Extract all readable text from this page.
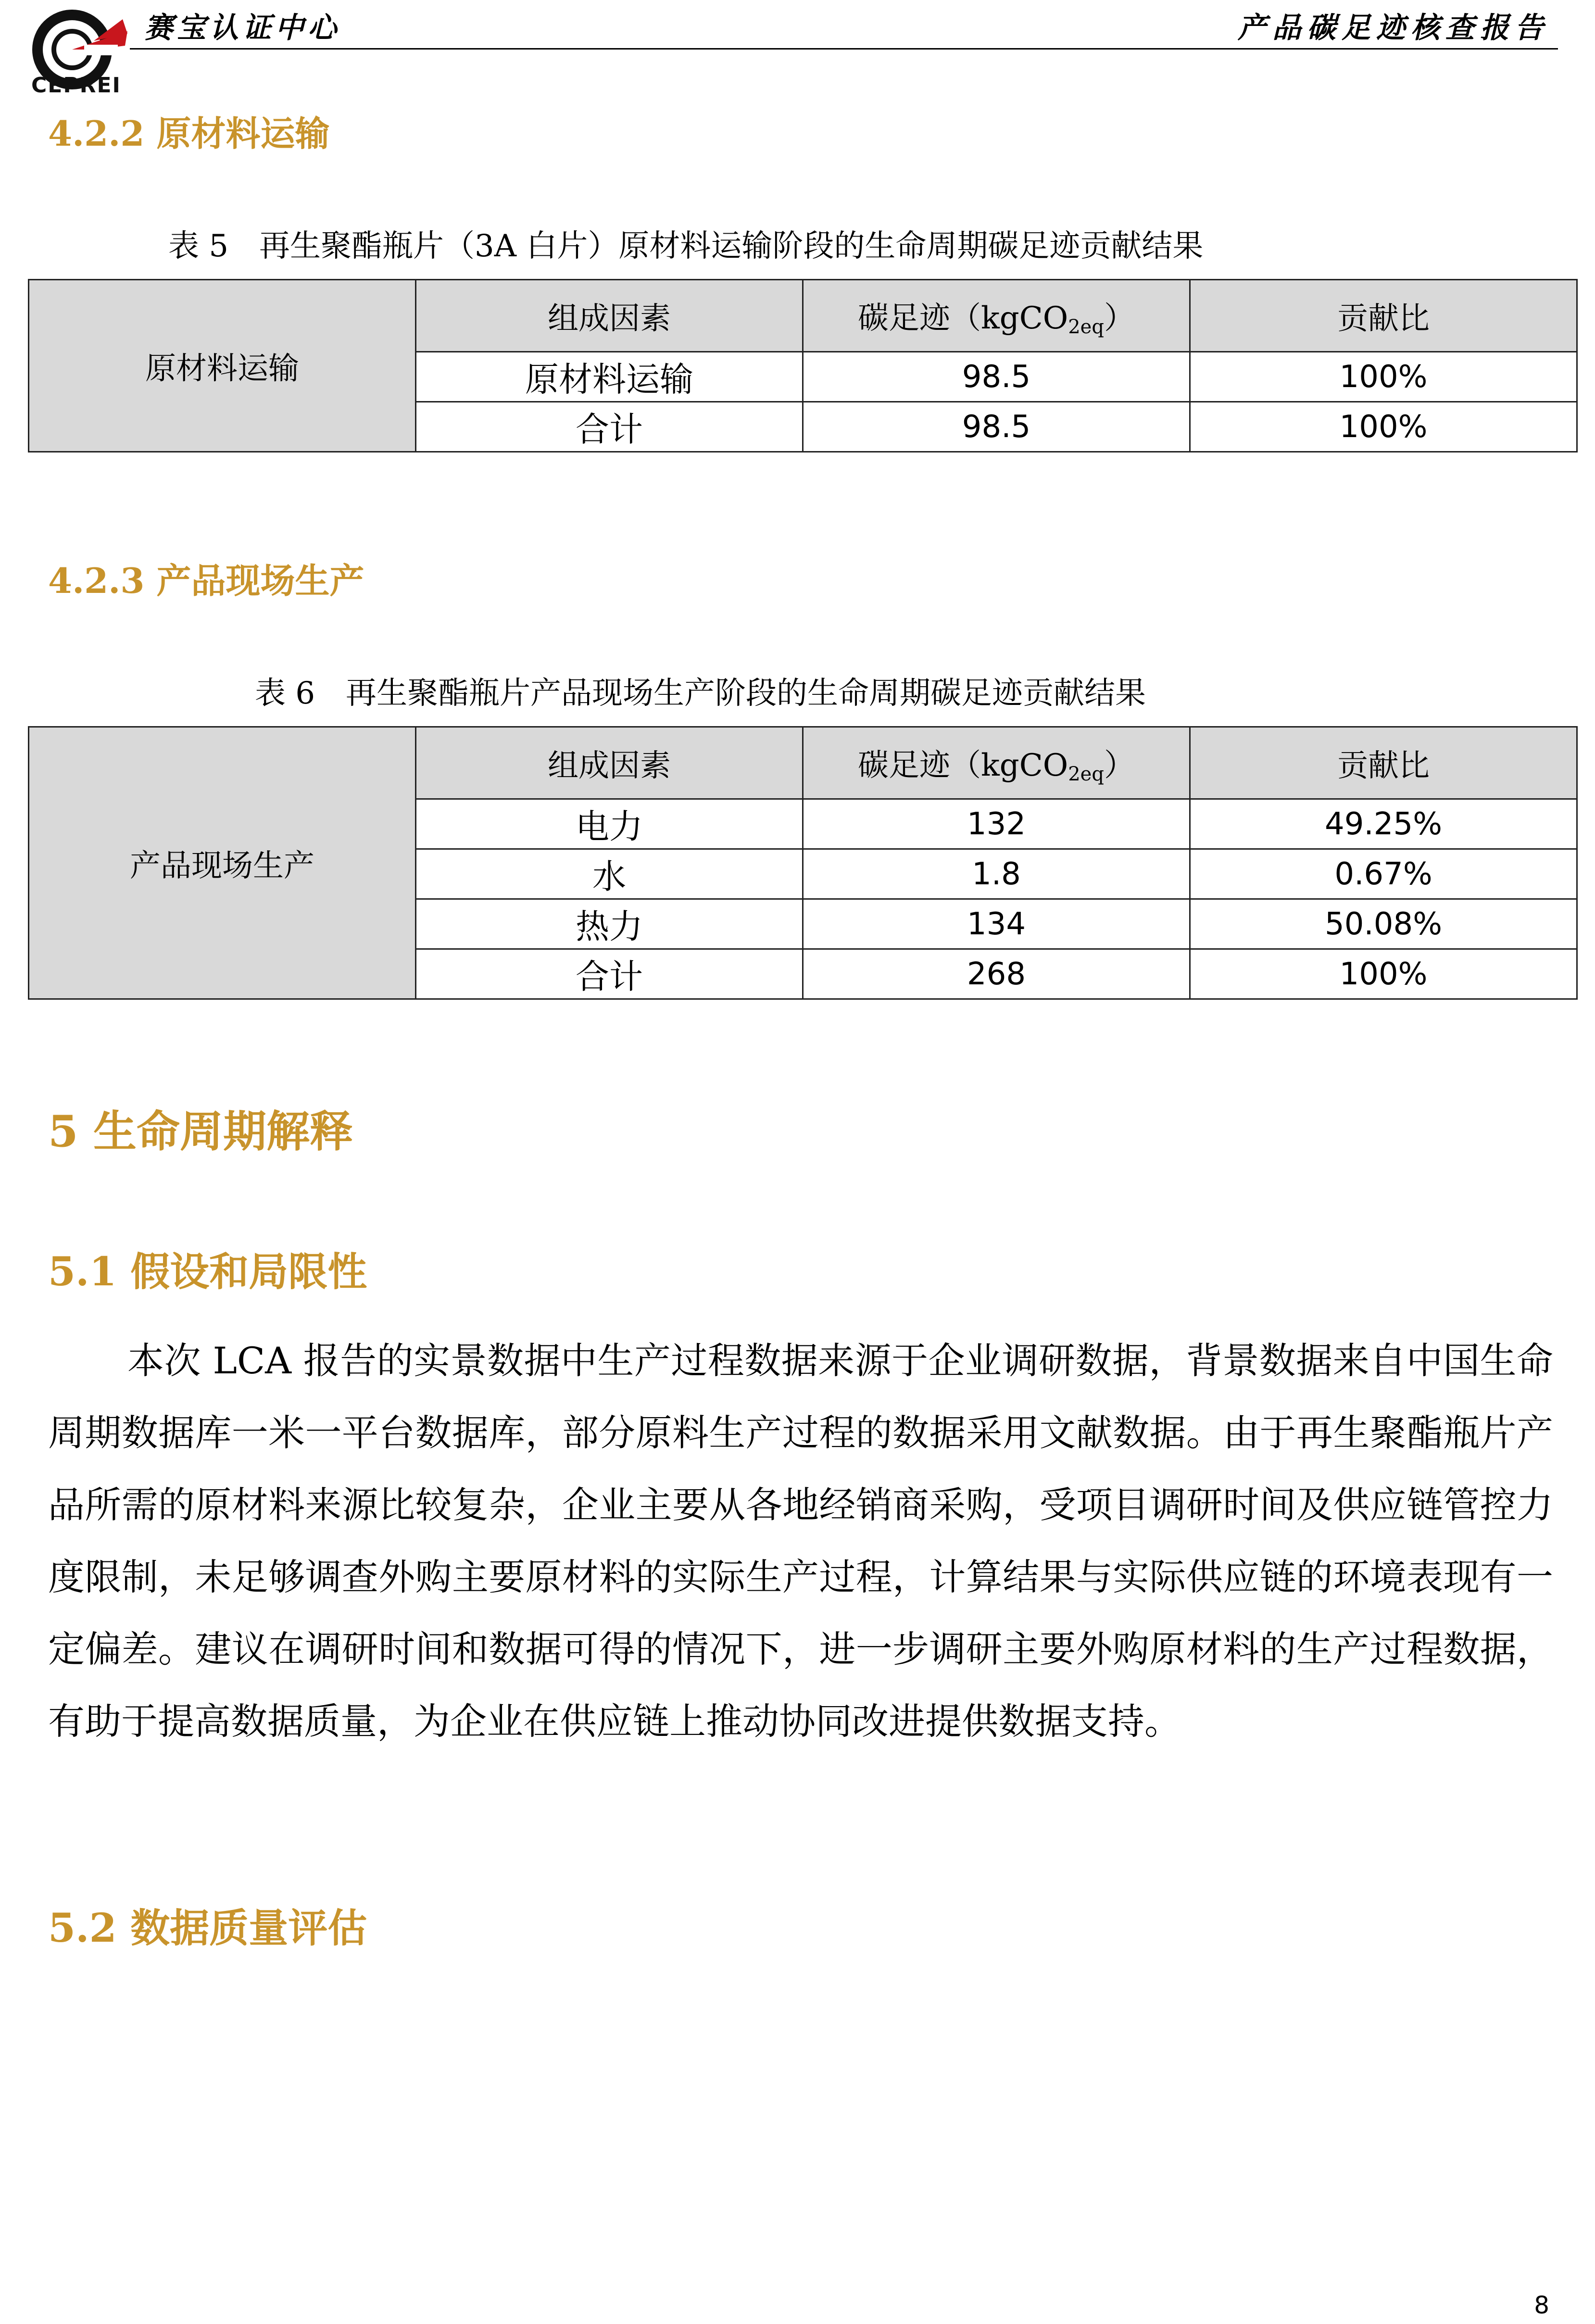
CEPREI
赛宝认证中心	产品碳足迹核查报告
4.2.2 原材料运输
表 5　再生聚酯瓶片（3A 白片）原材料运输阶段的生命周期碳足迹贡献结果
原材料运输	组成因素	碳足迹（kgCO$_{2eq}$）	贡献比
	原材料运输	98.5	100%
	合计	98.5	100%
4.2.3 产品现场生产
表 6　再生聚酯瓶片产品现场生产阶段的生命周期碳足迹贡献结果
产品现场生产	组成因素	碳足迹（kgCO$_{2eq}$）	贡献比
	电力	132	49.25%
	水	1.8	0.67%
	热力	134	50.08%
	合计	268	100%
5 生命周期解释
5.1 假设和局限性

本次 LCA 报告的实景数据中生产过程数据来源于企业调研数据，背景数据来自中国生命周期数据库一米一平台数据库，部分原料生产过程的数据采用文献数据。由于再生聚酯瓶片产品所需的原材料来源比较复杂，企业主要从各地经销商采购，受项目调研时间及供应链管控力度限制，未足够调查外购主要原材料的实际生产过程，计算结果与实际供应链的环境表现有一定偏差。建议在调研时间和数据可得的情况下，进一步调研主要外购原材料的生产过程数据，有助于提高数据质量，为企业在供应链上推动协同改进提供数据支持。

5.2 数据质量评估
8
